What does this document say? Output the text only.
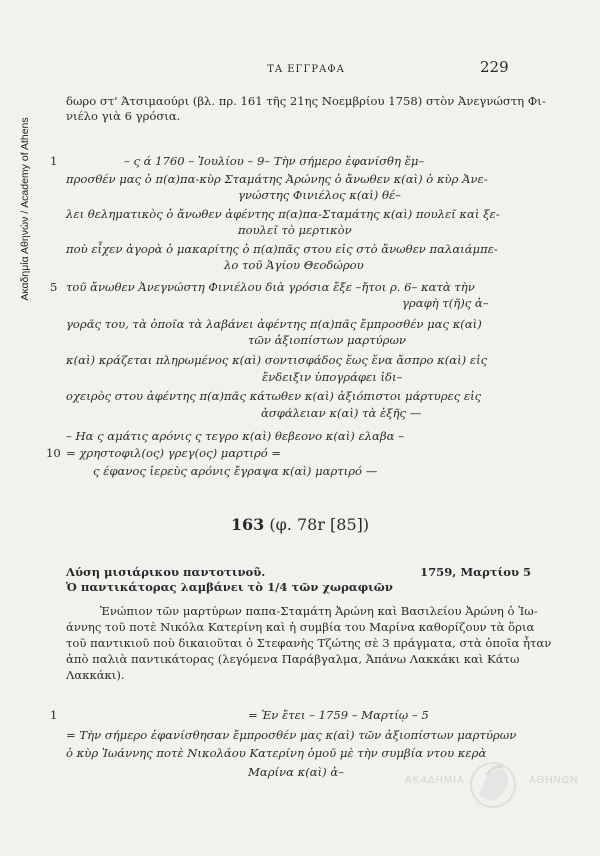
Ακαδημία Αθηνών / Academy of Athens
ΤΑ ΕΓΓΡΑΦΑ	229
δωρο στ' Άτσιμαούρι (βλ. πρ. 161 τῆς 21ης Νοεμβρίου 1758) στὸν Ἀνεγνώστη Φι-
νιέλο γιὰ 6 γρόσια.
1
5
10
– ς ά 1760 – Ἰουλίου – 9– Τὴν σήμερο ἐφανίσθη ἔμ–
προσθέν μας ὁ π(α)πα-κὺρ Σταμάτης Ἀρώνης ὁ ἄνωθεν κ(αὶ) ὁ κὺρ Ἀνε-
γνώστης Φινιέλος κ(αὶ) θέ–
λει θεληματικὸς ὁ ἄνωθεν ἀφέντης π(α)πα-Σταμάτης κ(αὶ) πουλεῖ καὶ ξε-
πουλεῖ τὸ μερτικὸν
ποὺ εἶχεν ἀγορὰ ὁ μακαρίτης ὁ π(α)πᾶς στου εἰς στὸ ἄνωθεν παλαιάμπε-
λο τοῦ Ἁγίου Θεοδώρου
τοῦ ἄνωθεν Ἀνεγνώστη Φινιέλου διὰ γρόσια ἔξε –ἤτοι ρ. 6– κατὰ τὴν
γραφὴ τ(ῆ)ς ἀ–
γορᾶς του, τὰ ὁποῖα τὰ λαβάνει ἀφέντης π(α)πᾶς ἔμπροσθέν μας κ(αὶ)
τῶν ἀξιοπίστων μαρτύρων
κ(αὶ) κράζεται πληρωμένος κ(αὶ) σοντισφάδος ἕως ἕνα ἄσπρο κ(αὶ) εἰς
ἔνδειξιν ὑπογράφει ἰδι–
οχειρὸς στου ἀφέντης π(α)πᾶς κάτωθεν κ(αὶ) ἀξιόπιστοι μάρτυρες εἰς
ἀσφάλειαν κ(αὶ) τὰ ἑξῆς —
– Ηα ς αμάτις αρόνις ς τεγρο κ(αὶ) θεβεονο κ(αὶ) ελαβα –
= χρηστοφιλ(ος) γρεγ(ος) μαρτιρό =
ς έφανος ἱερεὺς αρόνις ἔγραψα κ(αὶ) μαρτιρό —
163 (φ. 78r [85])
Λύση μισιάρικου παντοτινοῦ.	1759, Μαρτίου 5
Ὁ παντικάτορας λαμβάνει τὸ 1/4 τῶν χωραφιῶν
Ἐνώπιον τῶν μαρτύρων παπα-Σταμάτη Ἀρώνη καὶ Βασιλείου Ἀρώνη ὁ Ἰω-
άννης τοῦ ποτὲ Νικόλα Κατερίνη καὶ ἡ συμβία του Μαρίνα καθορίζουν τὰ ὅρια
τοῦ παντικιοῦ ποὺ δικαιοῦται ὁ Στεφανὴς Τζώτης σὲ 3 πράγματα, στὰ ὁποῖα ἦταν
ἀπὸ παλιὰ παντικάτορας (λεγόμενα Παράβγαλμα, Ἀπάνω Λακκάκι καὶ Κάτω
Λακκάκι).
1	= Ἐν ἔτει – 1759 – Μαρτίῳ – 5
= Τὴν σήμερο ἐφανίσθησαν ἔμπροσθέν μας κ(αὶ) τῶν ἀξιοπίστων μαρτύρων
ὁ κὺρ Ἰωάννης ποτὲ Νικολάου Κατερίνη ὁμοῦ μὲ τὴν συμβία ντου κερὰ
Μαρίνα κ(αὶ) ἀ–
ΑΚΑΔΗΜΙΑ	ΑΘΗΝΩΝ
